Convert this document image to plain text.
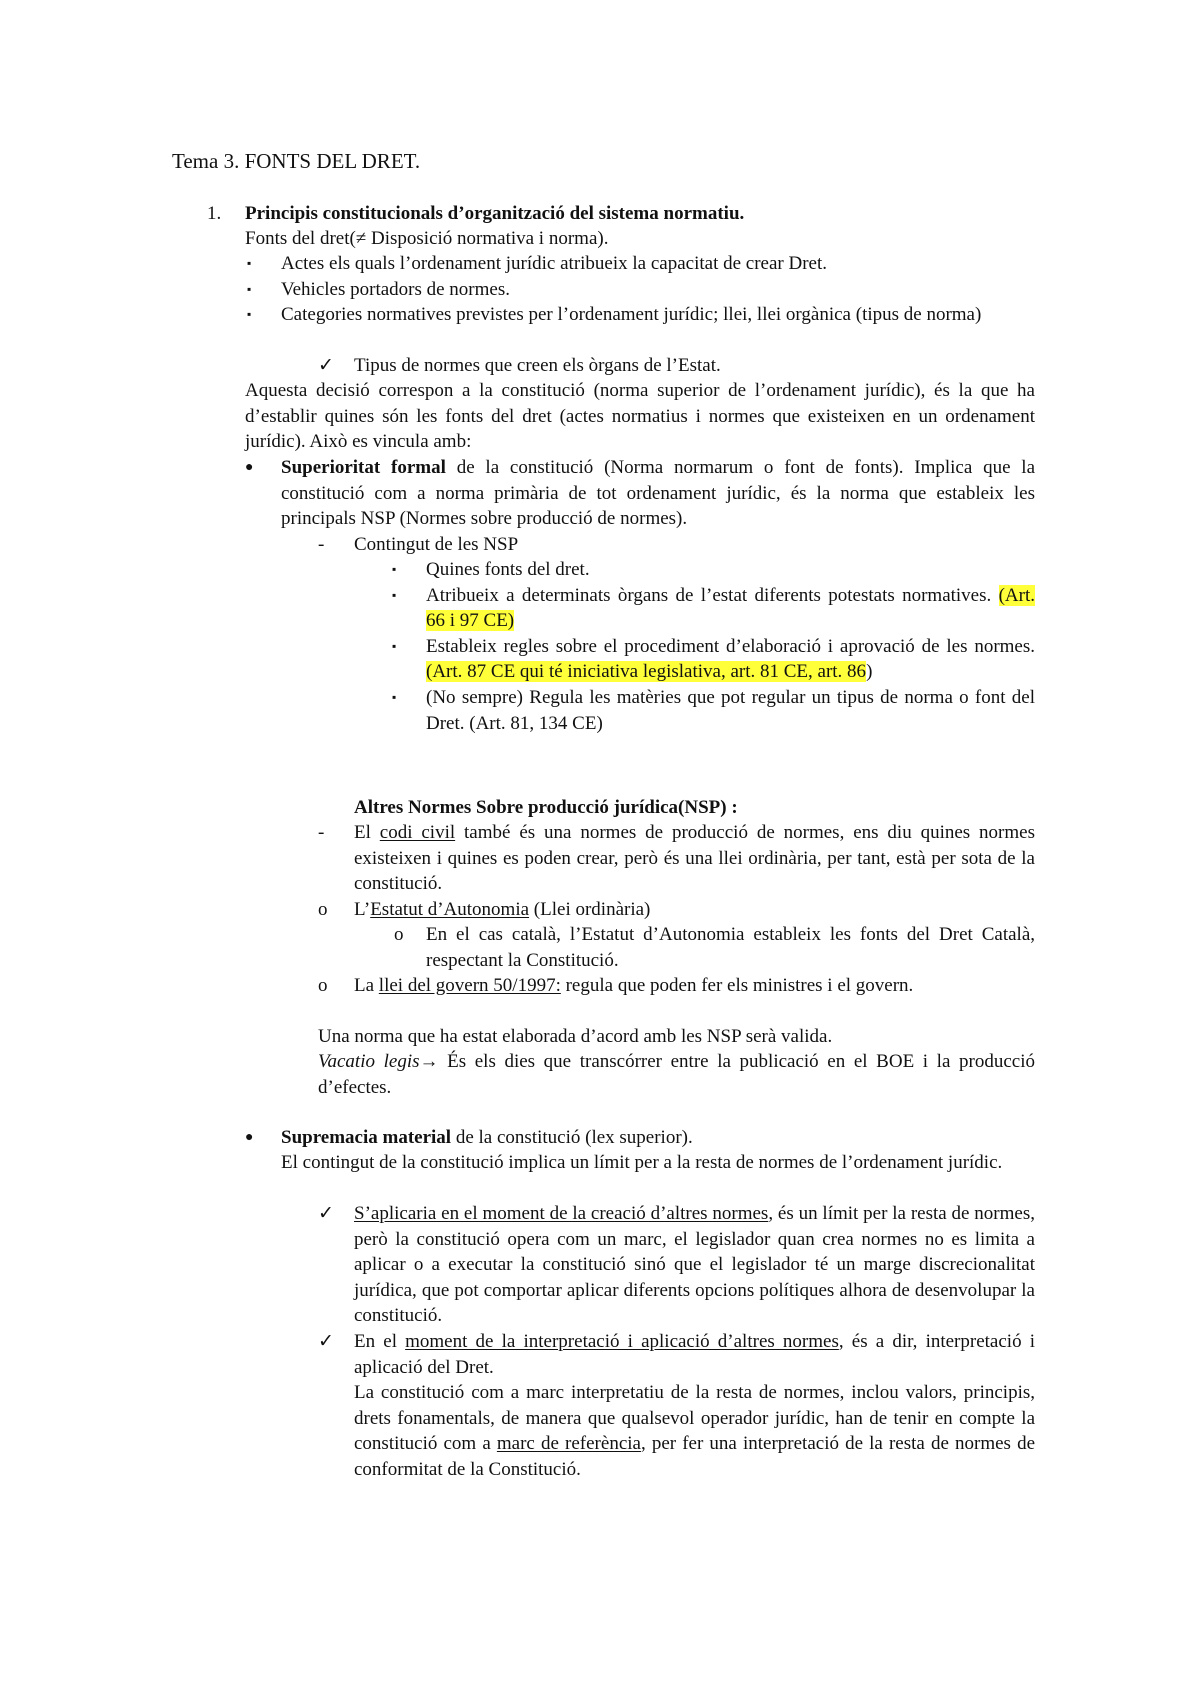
Tema 3. FONTS DEL DRET.
1. Principis constitucionals d’organització del sistema normatiu.
Fonts del dret(≠ Disposició normativa i norma).
▪ Actes els quals l’ordenament jurídic atribueix la capacitat de crear Dret.
▪ Vehicles portadors de normes.
▪ Categories normatives previstes per l’ordenament jurídic; llei, llei orgànica (tipus de norma)
✓ Tipus de normes que creen els òrgans de l’Estat.
Aquesta decisió correspon a la constitució (norma superior de l’ordenament jurídic), és la que ha d’establir quines són les fonts del dret (actes normatius i normes que existeixen en un ordenament jurídic). Això es vincula amb:
● Superioritat formal de la constitució (Norma normarum o font de fonts). Implica que la constitució com a norma primària de tot ordenament jurídic, és la norma que estableix les principals NSP (Normes sobre producció de normes).
- Contingut de les NSP
▪ Quines fonts del dret.
▪ Atribueix a determinats òrgans de l’estat diferents potestats normatives. (Art. 66 i 97 CE)
▪ Estableix regles sobre el procediment d’elaboració i aprovació de les normes. (Art. 87 CE qui té iniciativa legislativa, art. 81 CE, art. 86)
▪ (No sempre) Regula les matèries que pot regular un tipus de norma o font del Dret. (Art. 81, 134 CE)
Altres Normes Sobre producció jurídica(NSP) :
- El codi civil també és una normes de producció de normes, ens diu quines normes existeixen i quines es poden crear, però és una llei ordinària, per tant, està per sota de la constitució.
o L’Estatut d’Autonomia (Llei ordinària)
o En el cas català, l’Estatut d’Autonomia estableix les fonts del Dret Català, respectant la Constitució.
o La llei del govern 50/1997: regula que poden fer els ministres i el govern.
Una norma que ha estat elaborada d’acord amb les NSP serà valida.
Vacatio legis→ És els dies que transcórrer entre la publicació en el BOE i la producció d’efectes.
● Supremacia material de la constitució (lex superior).
El contingut de la constitució implica un límit per a la resta de normes de l’ordenament jurídic.
✓ S’aplicaria en el moment de la creació d’altres normes, és un límit per la resta de normes, però la constitució opera com un marc, el legislador quan crea normes no es limita a aplicar o a executar la constitució sinó que el legislador té un marge discrecionalitat jurídica, que pot comportar aplicar diferents opcions polítiques alhora de desenvolupar la constitució.
✓ En el moment de la interpretació i aplicació d’altres normes, és a dir, interpretació i aplicació del Dret.
La constitució com a marc interpretatiu de la resta de normes, inclou valors, principis, drets fonamentals, de manera que qualsevol operador jurídic, han de tenir en compte la constitució com a marc de referència, per fer una interpretació de la resta de normes de conformitat de la Constitució.
